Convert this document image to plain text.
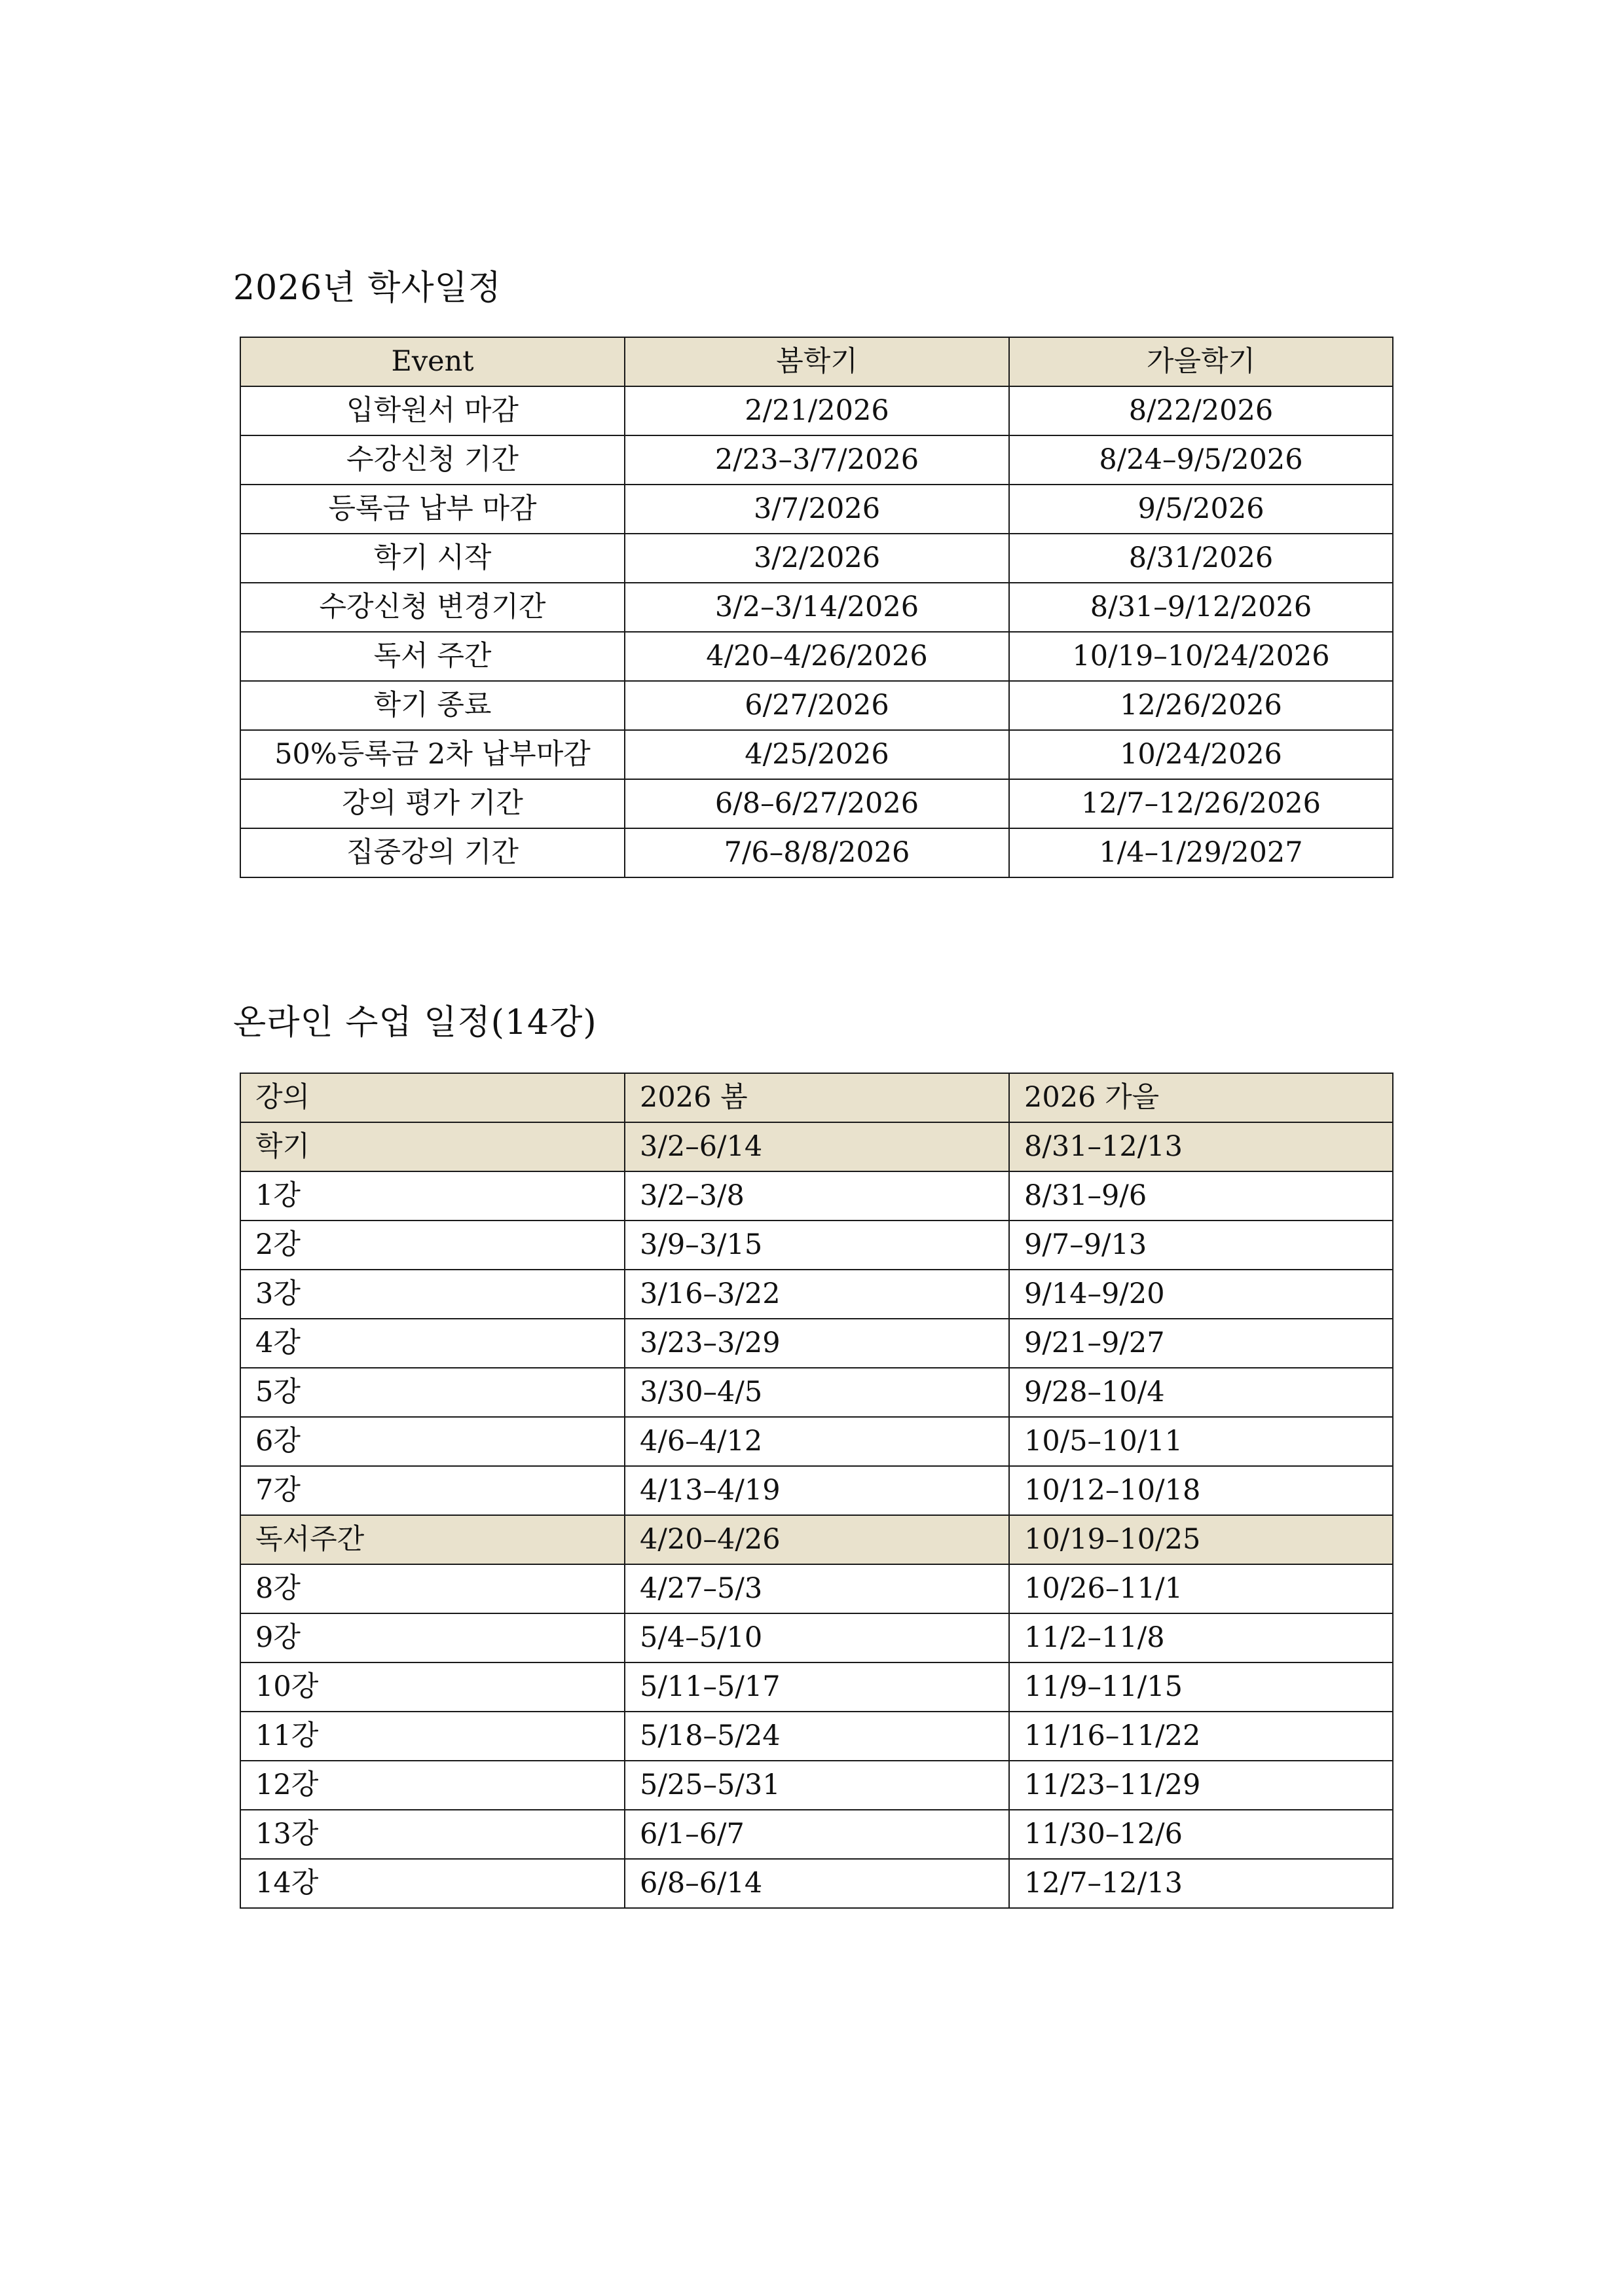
2026년 학사일정
Event	봄학기	가을학기
입학원서 마감	2/21/2026	8/22/2026
수강신청 기간	2/23–3/7/2026	8/24–9/5/2026
등록금 납부 마감	3/7/2026	9/5/2026
학기 시작	3/2/2026	8/31/2026
수강신청 변경기간	3/2–3/14/2026	8/31–9/12/2026
독서 주간	4/20–4/26/2026	10/19–10/24/2026
학기 종료	6/27/2026	12/26/2026
50%등록금 2차 납부마감	4/25/2026	10/24/2026
강의 평가 기간	6/8–6/27/2026	12/7–12/26/2026
집중강의 기간	7/6–8/8/2026	1/4–1/29/2027
온라인 수업 일정(14강)
강의	2026 봄	2026 가을
학기	3/2–6/14	8/31–12/13
1강	3/2–3/8	8/31–9/6
2강	3/9–3/15	9/7–9/13
3강	3/16–3/22	9/14–9/20
4강	3/23–3/29	9/21–9/27
5강	3/30–4/5	9/28–10/4
6강	4/6–4/12	10/5–10/11
7강	4/13–4/19	10/12–10/18
독서주간	4/20–4/26	10/19–10/25
8강	4/27–5/3	10/26–11/1
9강	5/4–5/10	11/2–11/8
10강	5/11–5/17	11/9–11/15
11강	5/18–5/24	11/16–11/22
12강	5/25–5/31	11/23–11/29
13강	6/1–6/7	11/30–12/6
14강	6/8–6/14	12/7–12/13
